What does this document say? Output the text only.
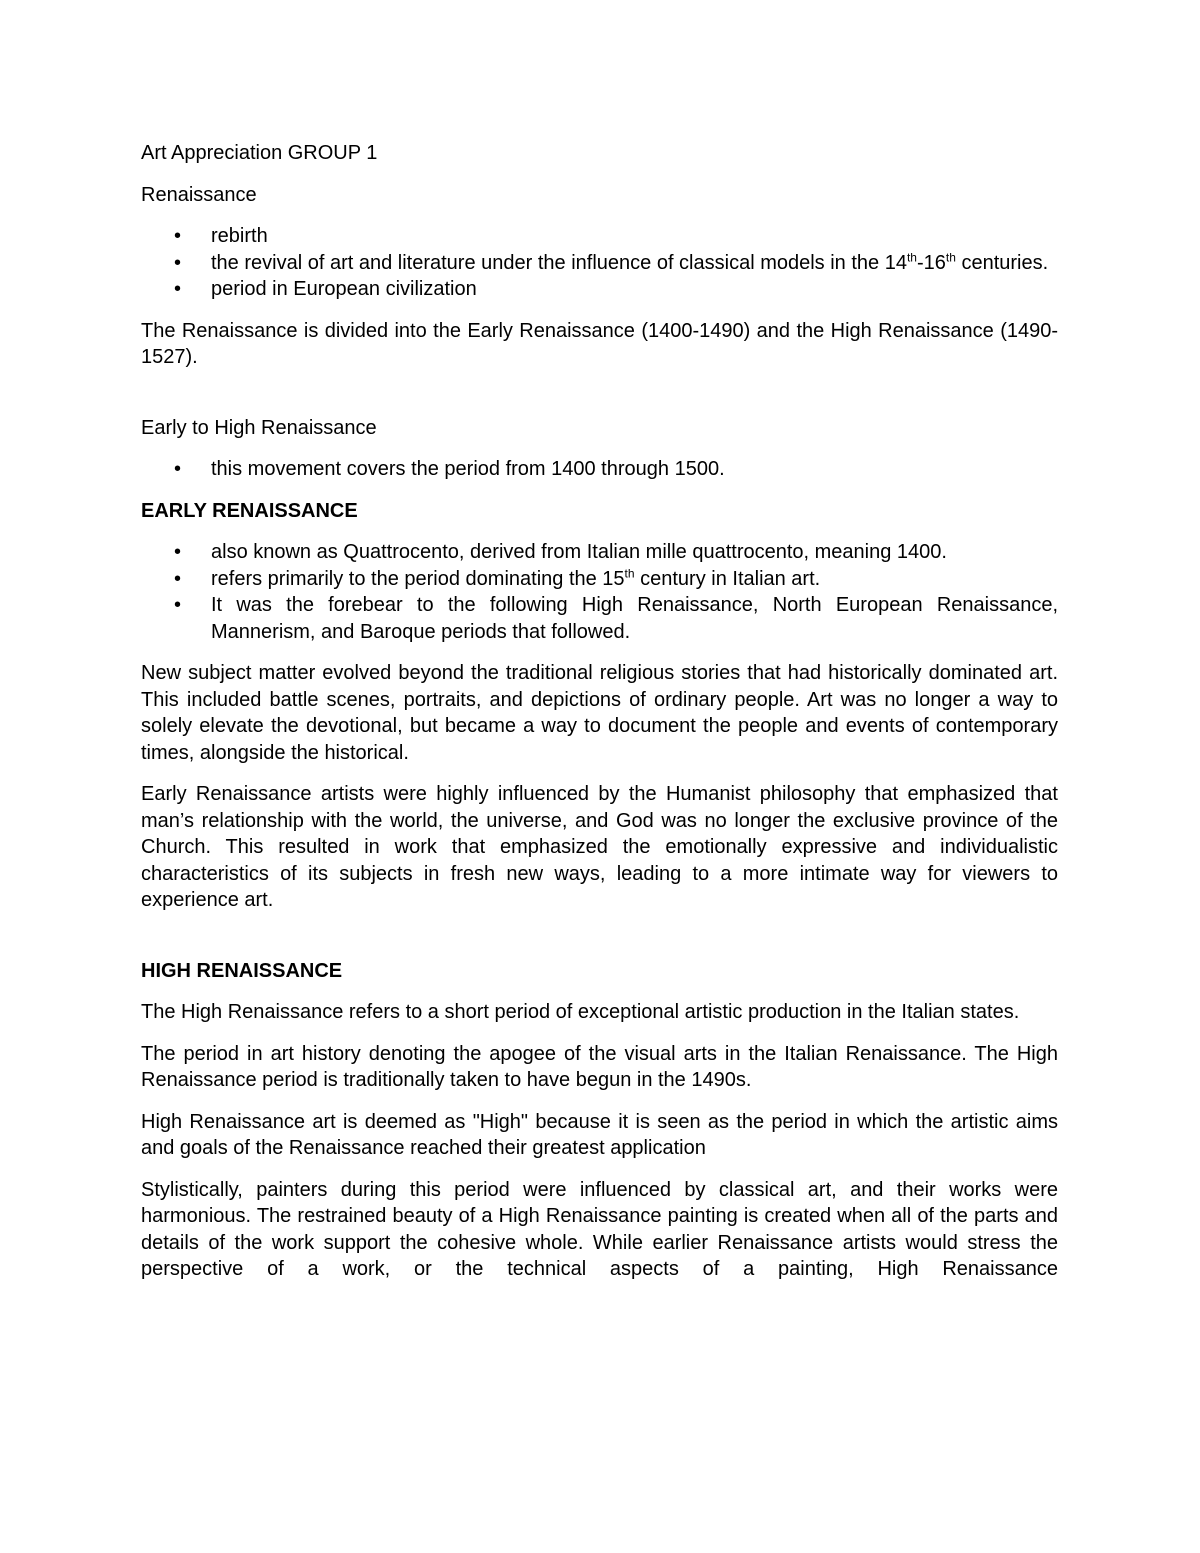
Art Appreciation GROUP 1

Renaissance

• rebirth
• the revival of art and literature under the influence of classical models in the 14th-16th centuries.
• period in European civilization

The Renaissance is divided into the Early Renaissance (1400-1490) and the High Renaissance (1490-1527).

Early to High Renaissance

• this movement covers the period from 1400 through 1500.
EARLY RENAISSANCE
• also known as Quattrocento, derived from Italian mille quattrocento, meaning 1400.
• refers primarily to the period dominating the 15th century in Italian art.
• It was the forebear to the following High Renaissance, North European Renaissance, Mannerism, and Baroque periods that followed.

New subject matter evolved beyond the traditional religious stories that had historically dominated art. This included battle scenes, portraits, and depictions of ordinary people. Art was no longer a way to solely elevate the devotional, but became a way to document the people and events of contemporary times, alongside the historical.

Early Renaissance artists were highly influenced by the Humanist philosophy that emphasized that man’s relationship with the world, the universe, and God was no longer the exclusive province of the Church. This resulted in work that emphasized the emotionally expressive and individualistic characteristics of its subjects in fresh new ways, leading to a more intimate way for viewers to experience art.

HIGH RENAISSANCE

The High Renaissance refers to a short period of exceptional artistic production in the Italian states.

The period in art history denoting the apogee of the visual arts in the Italian Renaissance. The High Renaissance period is traditionally taken to have begun in the 1490s.

High Renaissance art is deemed as "High" because it is seen as the period in which the artistic aims and goals of the Renaissance reached their greatest application

Stylistically, painters during this period were influenced by classical art, and their works were harmonious. The restrained beauty of a High Renaissance painting is created when all of the parts and details of the work support the cohesive whole. While earlier Renaissance artists would stress the perspective of a work, or the technical aspects of a painting, High Renaissance
